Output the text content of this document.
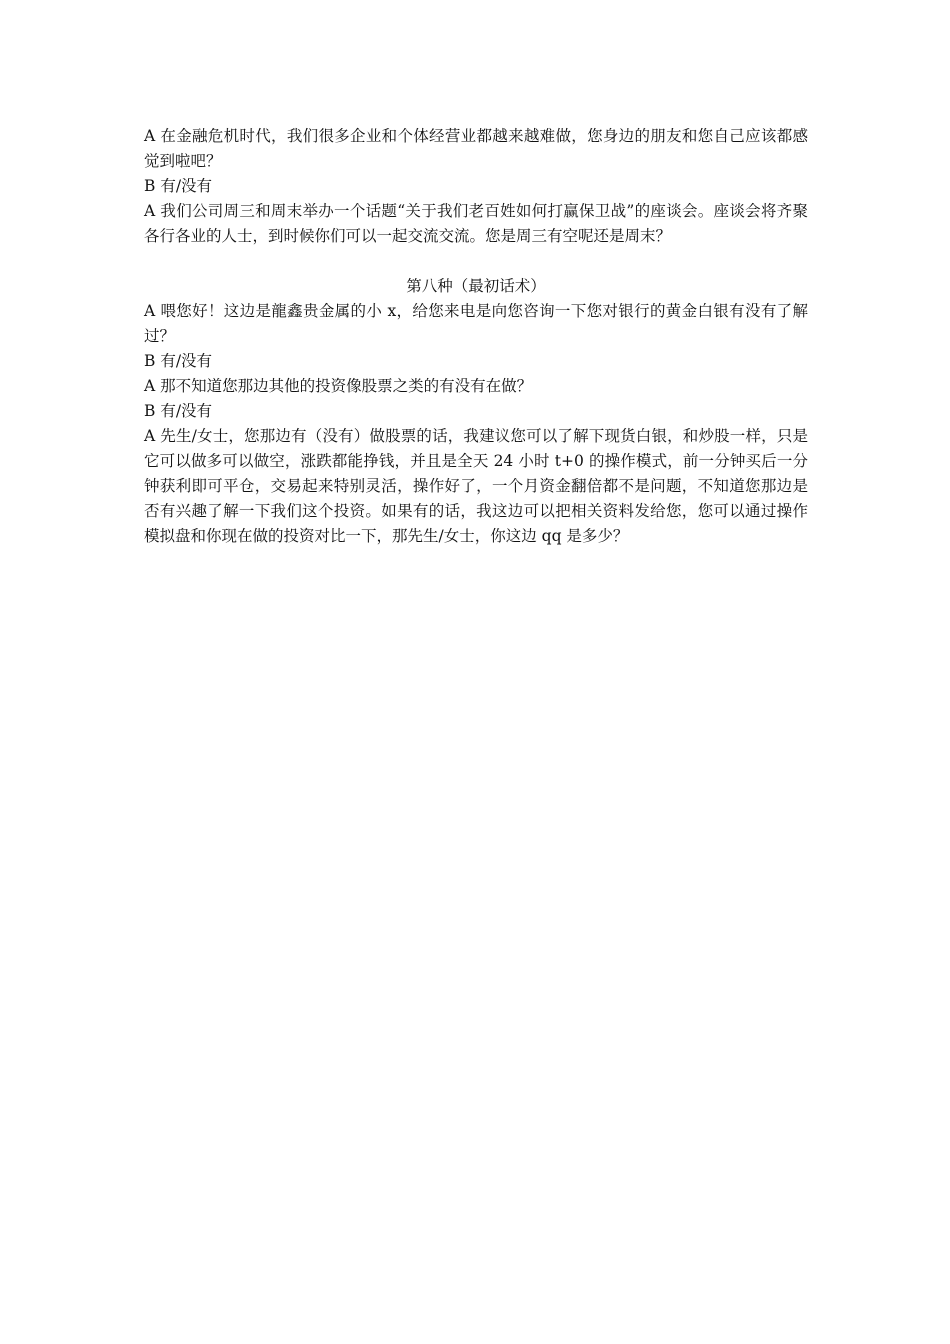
A 在金融危机时代，我们很多企业和个体经营业都越来越难做，您身边的朋友和您自己应该都感觉到啦吧？

B 有/没有

A 我们公司周三和周末举办一个话题“关于我们老百姓如何打赢保卫战”的座谈会。座谈会将齐聚各行各业的人士，到时候你们可以一起交流交流。您是周三有空呢还是周末？

第八种（最初话术）

A 喂您好！这边是龍鑫贵金属的小 x，给您来电是向您咨询一下您对银行的黄金白银有没有了解过？

B 有/没有

A 那不知道您那边其他的投资像股票之类的有没有在做？

B 有/没有

A 先生/女士，您那边有（没有）做股票的话，我建议您可以了解下现货白银，和炒股一样，只是它可以做多可以做空，涨跌都能挣钱，并且是全天 24 小时 t+0 的操作模式，前一分钟买后一分钟获利即可平仓，交易起来特别灵活，操作好了，一个月资金翻倍都不是问题，不知道您那边是否有兴趣了解一下我们这个投资。如果有的话，我这边可以把相关资料发给您，您可以通过操作模拟盘和你现在做的投资对比一下，那先生/女士，你这边 qq 是多少？
